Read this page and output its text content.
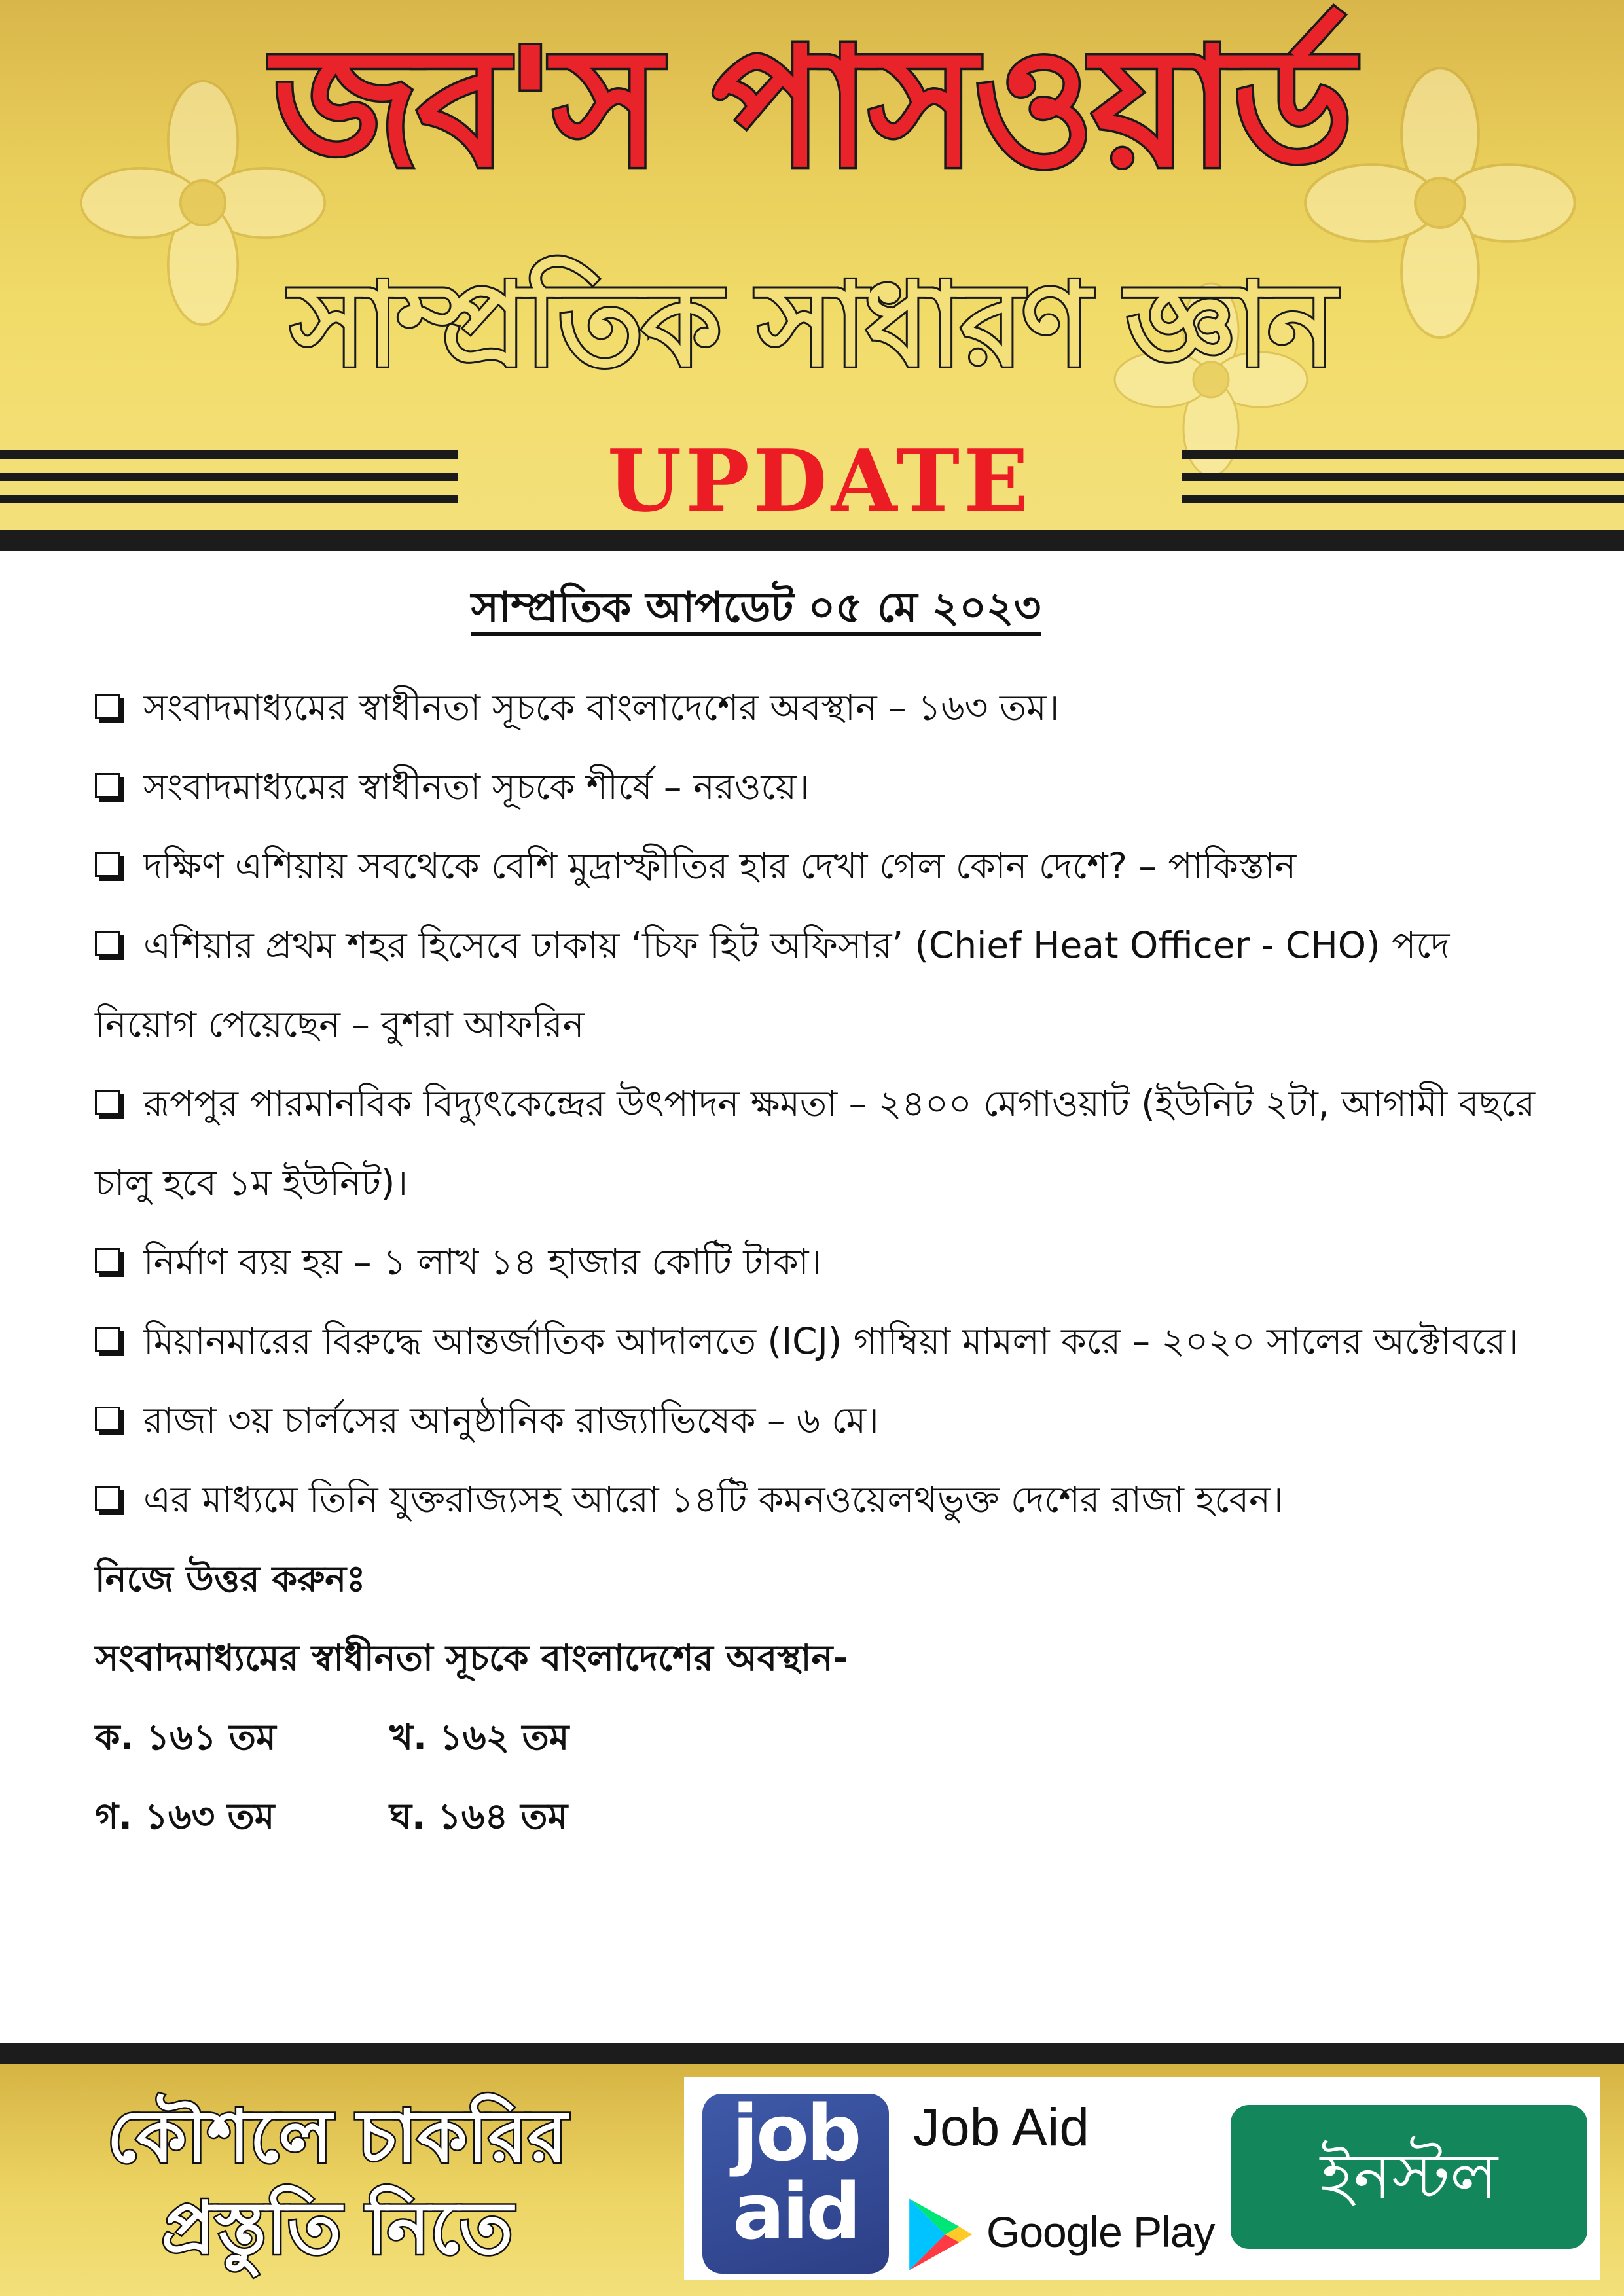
জব'স পাসওয়ার্ড
সাম্প্রতিক সাধারণ জ্ঞান
UPDATE
সাম্প্রতিক আপডেট ০৫ মে ২০২৩

সংবাদমাধ্যমের স্বাধীনতা সূচকে বাংলাদেশের অবস্থান – ১৬৩ তম।

সংবাদমাধ্যমের স্বাধীনতা সূচকে শীর্ষে – নরওয়ে।

দক্ষিণ এশিয়ায় সবথেকে বেশি মুদ্রাস্ফীতির হার দেখা গেল কোন দেশে? – পাকিস্তান

এশিয়ার প্রথম শহর হিসেবে ঢাকায় ‘চিফ হিট অফিসার’ (Chief Heat Officer - CHO) পদে নিয়োগ পেয়েছেন – বুশরা আফরিন

রূপপুর পারমানবিক বিদ্যুৎকেন্দ্রের উৎপাদন ক্ষমতা – ২৪০০ মেগাওয়াট (ইউনিট ২টা, আগামী বছরে চালু হবে ১ম ইউনিট)।

নির্মাণ ব্যয় হয় – ১ লাখ ১৪ হাজার কোটি টাকা।

মিয়ানমারের বিরুদ্ধে আন্তর্জাতিক আদালতে (ICJ) গাম্বিয়া মামলা করে – ২০২০ সালের অক্টোবরে।

রাজা ৩য় চার্লসের আনুষ্ঠানিক রাজ্যাভিষেক – ৬ মে।

এর মাধ্যমে তিনি যুক্তরাজ্যসহ আরো ১৪টি কমনওয়েলথভুক্ত দেশের রাজা হবেন।

নিজে উত্তর করুনঃ

সংবাদমাধ্যমের স্বাধীনতা সূচকে বাংলাদেশের অবস্থান-

ক. ১৬১ তম	খ. ১৬২ তম
গ. ১৬৩ তম	ঘ. ১৬৪ তম
কৌশলে চাকরির
প্রস্তুতি নিতে
job
aid
Job Aid
Google Play
ইনস্টল
